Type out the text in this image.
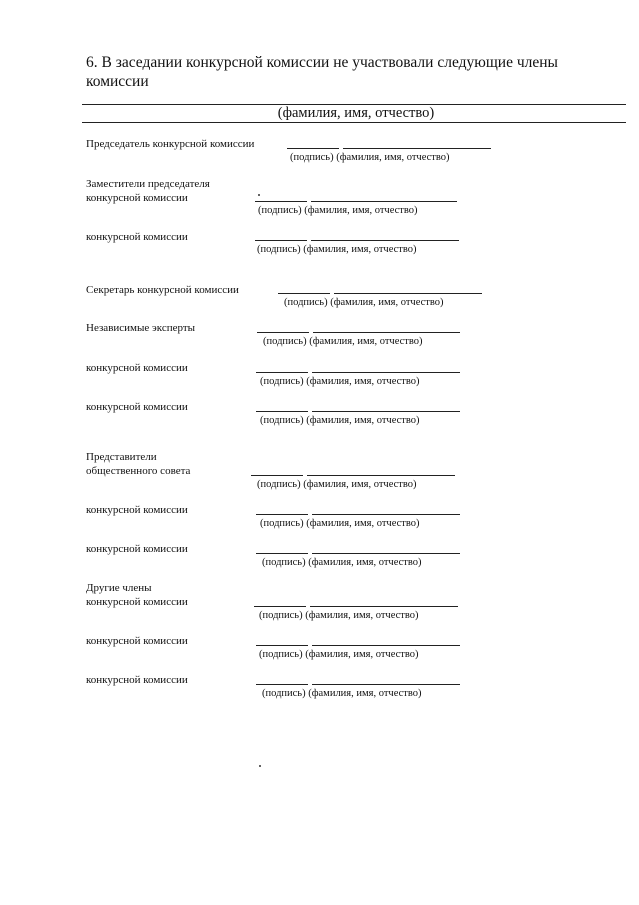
6. В заседании конкурсной комиссии не участвовали следующие члены комиссии
(фамилия, имя, отчество)
Председатель конкурсной комиссии
(подпись) (фамилия, имя, отчество)
Заместители председателя
конкурсной комиссии
(подпись) (фамилия, имя, отчество)
конкурсной комиссии
(подпись) (фамилия, имя, отчество)
Секретарь конкурсной комиссии
(подпись) (фамилия, имя, отчество)
Независимые эксперты
(подпись) (фамилия, имя, отчество)
конкурсной комиссии
(подпись) (фамилия, имя, отчество)
конкурсной комиссии
(подпись) (фамилия, имя, отчество)
Представители
общественного совета
(подпись) (фамилия, имя, отчество)
конкурсной комиссии
(подпись) (фамилия, имя, отчество)
конкурсной комиссии
(подпись) (фамилия, имя, отчество)
Другие члены
конкурсной комиссии
(подпись) (фамилия, имя, отчество)
конкурсной комиссии
(подпись) (фамилия, имя, отчество)
конкурсной комиссии
(подпись) (фамилия, имя, отчество)
